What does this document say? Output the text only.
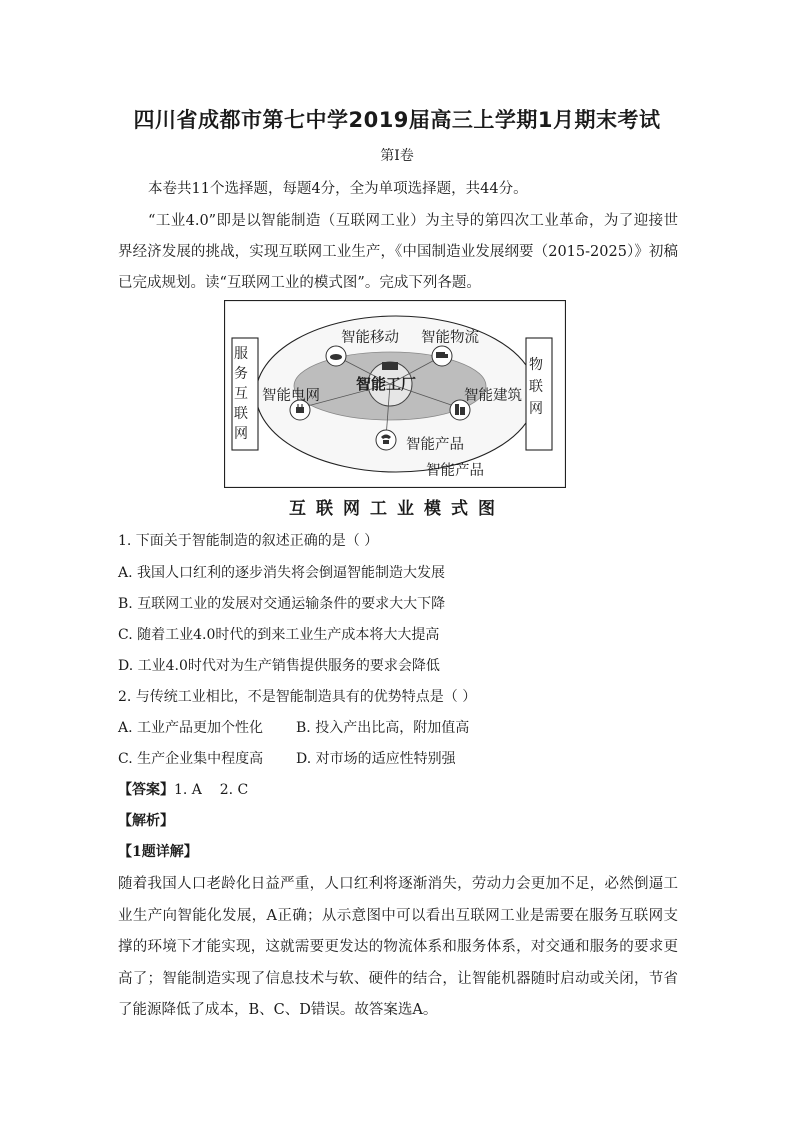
四川省成都市第七中学2019届高三上学期1月期末考试
第Ⅰ卷
本卷共11个选择题，每题4分，全为单项选择题，共44分。
“工业4.0”即是以智能制造（互联网工业）为主导的第四次工业革命，为了迎接世界经济发展的挑战，实现互联网工业生产，《中国制造业发展纲要（2015-2025）》初稿已完成规划。读“互联网工业的模式图”。完成下列各题。
服务互联网
物联网
智能移动 智能物流
智能电网	智能建筑
智能工厂
智能产品
智能产品
互联网工业模式图
1. 下面关于智能制造的叙述正确的是（ ）
A. 我国人口红利的逐步消失将会倒逼智能制造大发展
B. 互联网工业的发展对交通运输条件的要求大大下降
C. 随着工业4.0时代的到来工业生产成本将大大提高
D. 工业4.0时代对为生产销售提供服务的要求会降低
2. 与传统工业相比，不是智能制造具有的优势特点是（ ）
A. 工业产品更加个性化 B. 投入产出比高，附加值高
C. 生产企业集中程度高 D. 对市场的适应性特别强
【答案】1. A    2. C
【解析】
【1题详解】
随着我国人口老龄化日益严重，人口红利将逐渐消失，劳动力会更加不足，必然倒逼工业生产向智能化发展，A正确；从示意图中可以看出互联网工业是需要在服务互联网支撑的环境下才能实现，这就需要更发达的物流体系和服务体系，对交通和服务的要求更高了；智能制造实现了信息技术与软、硬件的结合，让智能机器随时启动或关闭，节省了能源降低了成本，B、C、D错误。故答案选A。
